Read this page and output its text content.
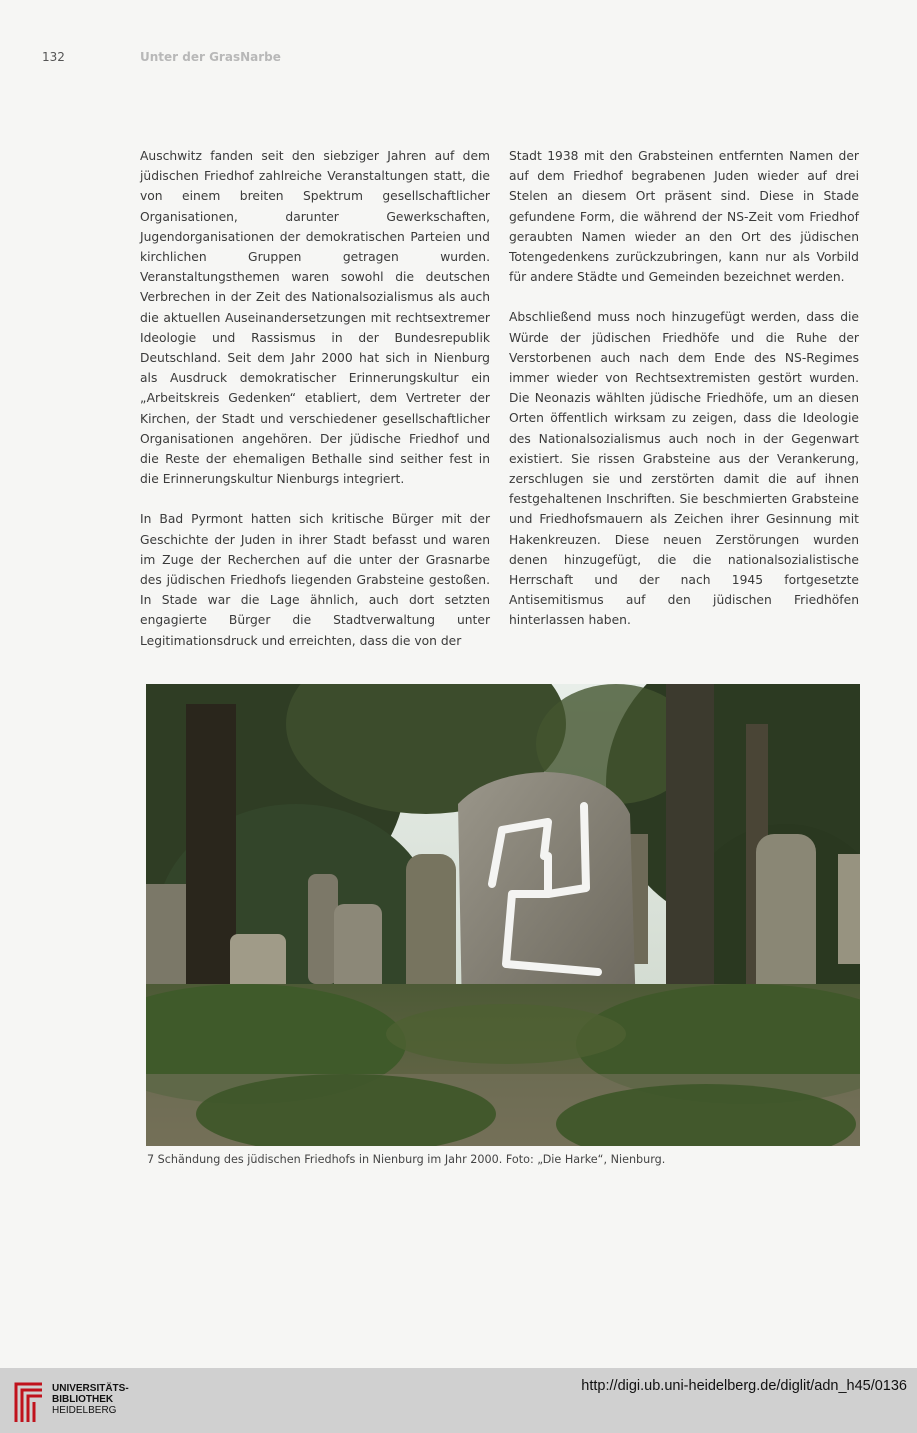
132	Unter der GrasNarbe

Auschwitz fanden seit den siebziger Jahren auf dem jüdischen Friedhof zahlreiche Veranstaltungen statt, die von einem breiten Spektrum gesellschaftlicher Organisationen, darunter Gewerkschaften, Jugendorganisationen der demokratischen Parteien und kirchlichen Gruppen getragen wurden. Veranstaltungsthemen waren sowohl die deutschen Verbrechen in der Zeit des Nationalsozialismus als auch die aktuellen Auseinandersetzungen mit rechtsextremer Ideologie und Rassismus in der Bundesrepublik Deutschland. Seit dem Jahr 2000 hat sich in Nienburg als Ausdruck demokratischer Erinnerungskultur ein „Arbeitskreis Gedenken“ etabliert, dem Vertreter der Kirchen, der Stadt und verschiedener gesellschaftlicher Organisationen angehören. Der jüdische Friedhof und die Reste der ehemaligen Bethalle sind seither fest in die Erinnerungskultur Nienburgs integriert.

In Bad Pyrmont hatten sich kritische Bürger mit der Geschichte der Juden in ihrer Stadt befasst und waren im Zuge der Recherchen auf die unter der Grasnarbe des jüdischen Friedhofs liegenden Grabsteine gestoßen. In Stade war die Lage ähnlich, auch dort setzten engagierte Bürger die Stadtverwaltung unter Legitimationsdruck und erreichten, dass die von der

Stadt 1938 mit den Grabsteinen entfernten Namen der auf dem Friedhof begrabenen Juden wieder auf drei Stelen an diesem Ort präsent sind. Diese in Stade gefundene Form, die während der NS-Zeit vom Friedhof geraubten Namen wieder an den Ort des jüdischen Totengedenkens zurückzubringen, kann nur als Vorbild für andere Städte und Gemeinden bezeichnet werden.

Abschließend muss noch hinzugefügt werden, dass die Würde der jüdischen Friedhöfe und die Ruhe der Verstorbenen auch nach dem Ende des NS-Regimes immer wieder von Rechtsextremisten gestört wurden. Die Neonazis wählten jüdische Friedhöfe, um an diesen Orten öffentlich wirksam zu zeigen, dass die Ideologie des Nationalsozialismus auch noch in der Gegenwart existiert. Sie rissen Grabsteine aus der Verankerung, zerschlugen sie und zerstörten damit die auf ihnen festgehaltenen Inschriften. Sie beschmierten Grabsteine und Friedhofsmauern als Zeichen ihrer Gesinnung mit Hakenkreuzen. Diese neuen Zerstörungen wurden denen hinzugefügt, die die nationalsozialistische Herrschaft und der nach 1945 fortgesetzte Antisemitismus auf den jüdischen Friedhöfen hinterlassen haben.

7 Schändung des jüdischen Friedhofs in Nienburg im Jahr 2000. Foto: „Die Harke“, Nienburg.
UNIVERSITÄTS-
BIBLIOTHEK
HEIDELBERG
http://digi.ub.uni-heidelberg.de/diglit/adn_h45/0136
